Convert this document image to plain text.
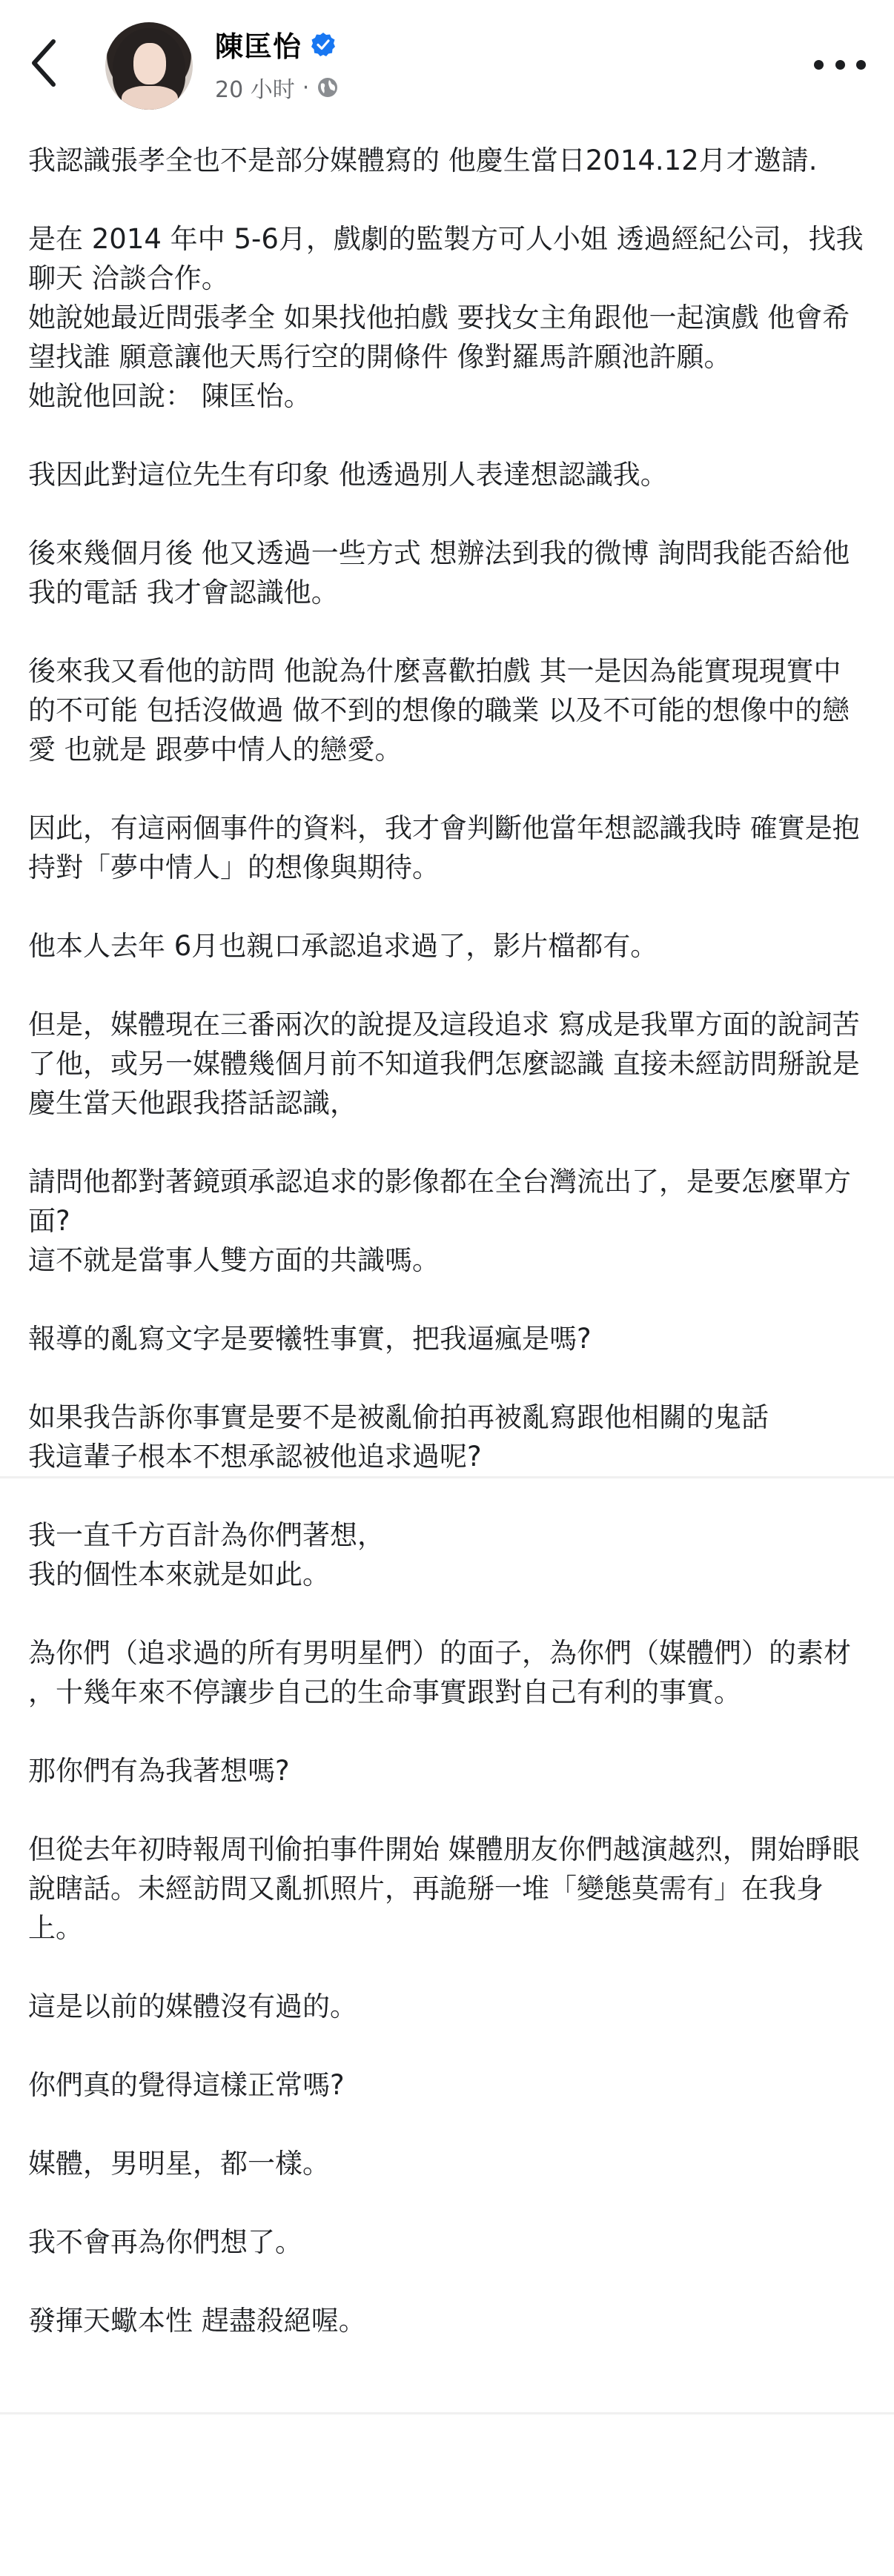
陳匡怡
20 小时 ·

我認識張孝全也不是部分媒體寫的 他慶生當日2014.12月才邀請.

是在 2014 年中 5-6月，戲劇的監製方可人小姐 透過經紀公司，找我聊天 洽談合作。
她說她最近問張孝全 如果找他拍戲 要找女主角跟他一起演戲 他會希望找誰 願意讓他天馬行空的開條件 像對羅馬許願池許願。
她說他回說： 陳匡怡。

我因此對這位先生有印象 他透過別人表達想認識我。

後來幾個月後 他又透過一些方式 想辦法到我的微博 詢問我能否給他我的電話 我才會認識他。

後來我又看他的訪問 他說為什麼喜歡拍戲 其一是因為能實現現實中的不可能 包括沒做過 做不到的想像的職業 以及不可能的想像中的戀愛 也就是 跟夢中情人的戀愛。

因此，有這兩個事件的資料，我才會判斷他當年想認識我時 確實是抱持對「夢中情人」的想像與期待。

他本人去年 6月也親口承認追求過了，影片檔都有。

但是，媒體現在三番兩次的說提及這段追求 寫成是我單方面的說詞苦了他，或另一媒體幾個月前不知道我們怎麼認識 直接未經訪問掰說是慶生當天他跟我搭話認識，

請問他都對著鏡頭承認追求的影像都在全台灣流出了，是要怎麼單方面?
這不就是當事人雙方面的共識嗎。

報導的亂寫文字是要犧牲事實，把我逼瘋是嗎?

如果我告訴你事實是要不是被亂偷拍再被亂寫跟他相關的鬼話
我這輩子根本不想承認被他追求過呢?

我一直千方百計為你們著想，
我的個性本來就是如此。

為你們（追求過的所有男明星們）的面子，為你們（媒體們）的素材 ，十幾年來不停讓步自己的生命事實跟對自己有利的事實。

那你們有為我著想嗎?

但從去年初時報周刊偷拍事件開始 媒體朋友你們越演越烈，開始睜眼說瞎話。未經訪問又亂抓照片，再詭掰一堆「變態莫需有」在我身上。

這是以前的媒體沒有過的。

你們真的覺得這樣正常嗎?

媒體，男明星，都一樣。

我不會再為你們想了。

發揮天蠍本性 趕盡殺絕喔。
